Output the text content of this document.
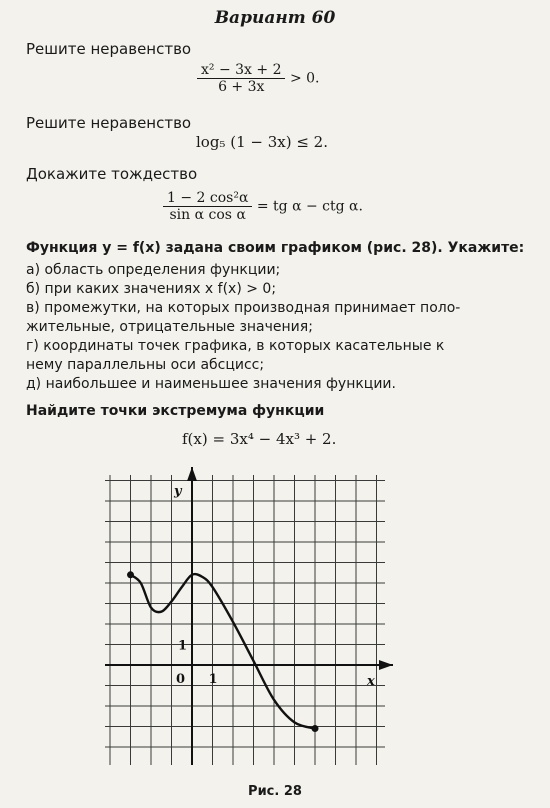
Вариант 60
Решите неравенство
$\frac{\text{x² − 3x + 2}}{6 + 3x} > 0$.
Решите неравенство
log₅ (1 − 3x) ≤ 2.
Докажите тождество
$\frac{\text{1 − 2 cos²α}}{\text{sin α cos α}}$ = tg α − ctg α.
Функция y = f(x) задана своим графиком (рис. 28). Укажите:
а) область определения функции;
б) при каких значениях x f(x) > 0;
в) промежутки, на которых производная принимает поло-
жительные, отрицательные значения;
г) координаты точек графика, в которых касательные к
нему параллельны оси абсцисс;
д) наибольшее и наименьшее значения функции.
Найдите точки экстремума функции
f(x) = 3x⁴ − 4x³ + 2.
y
x
0 1
1
Рис. 28
